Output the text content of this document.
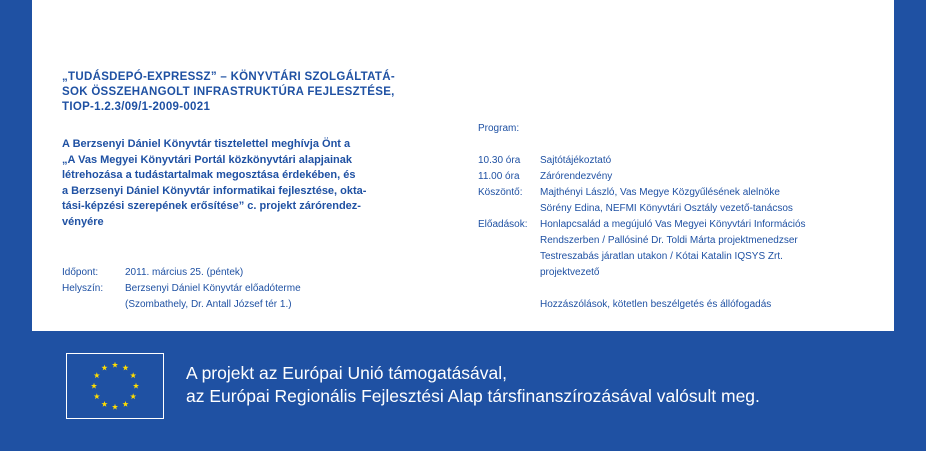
„TUDÁSDEPÓ-EXPRESSZ” – KÖNYVTÁRI SZOLGÁLTATÁ-
SOK ÖSSZEHANGOLT INFRASTRUKTÚRA FEJLESZTÉSE,
TIOP-1.2.3/09/1-2009-0021
A Berzsenyi Dániel Könyvtár tisztelettel meghívja Önt a
„A Vas Megyei Könyvtári Portál közkönyvtári alapjainak
létrehozása a tudástartalmak megosztása érdekében, és
a Berzsenyi Dániel Könyvtár informatikai fejlesztése, okta-
tási-képzési szerepének erősítése” c. projekt zárórendez-
vényére
Időpont:	2011. március 25. (péntek)
Helyszín:	Berzsenyi Dániel Könyvtár előadóterme
(Szombathely, Dr. Antall József tér 1.)
Program:

10.30 óra	Sajtótájékoztató
11.00 óra	Zárórendezvény
Köszöntő:	Majthényi László, Vas Megye Közgyűlésének alelnöke

Sörény Edina, NEFMI Könyvtári Osztály vezető-tanácsos
Előadások:	Honlapcsalád a megújuló Vas Megyei Könyvtári Információs

Rendszerben / Pallósiné Dr. Toldi Márta projektmenedzser

Testreszabás járatlan utakon / Kótai Katalin IQSYS Zrt.

projektvezető

Hozzászólások, kötetlen beszélgetés és állófogadás
A projekt az Európai Unió támogatásával,
az Európai Regionális Fejlesztési Alap társfinanszírozásával valósult meg.
